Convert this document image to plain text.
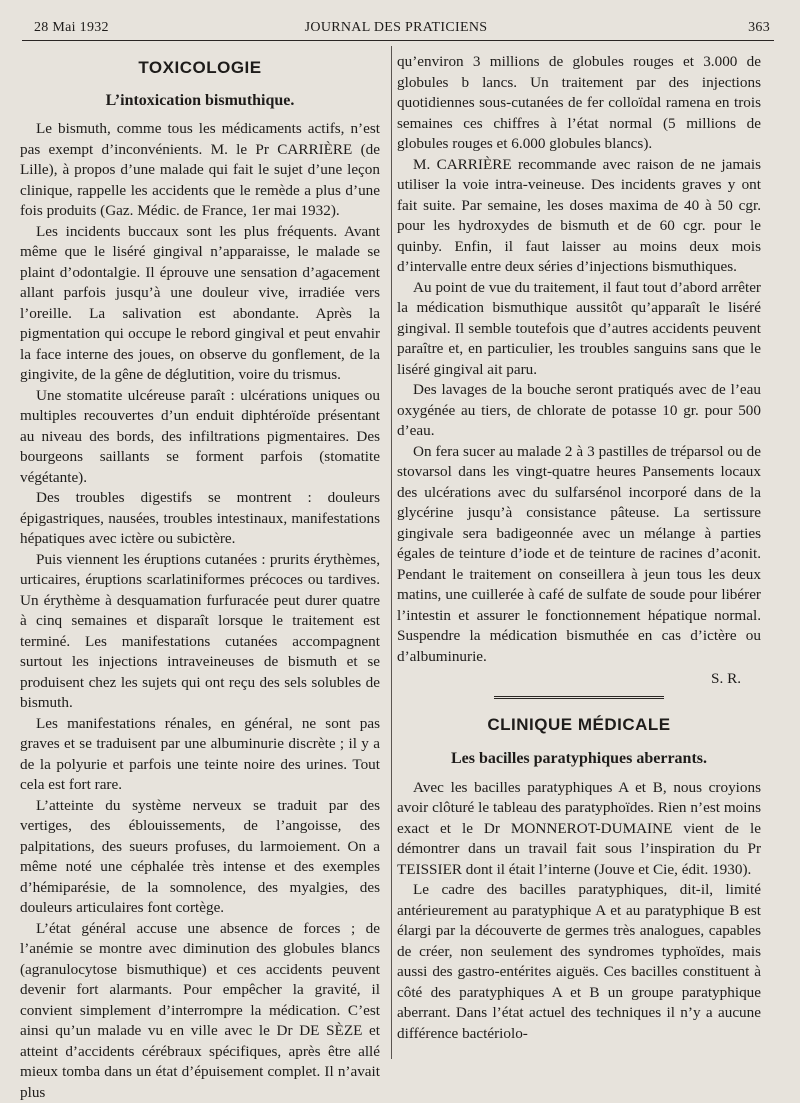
28 Mai 1932	JOURNAL DES PRATICIENS	363
TOXICOLOGIE
L’intoxication bismuthique.

Le bismuth, comme tous les médicaments actifs, n’est pas exempt d’inconvénients. M. le Pr CARRIÈRE (de Lille), à propos d’une malade qui fait le sujet d’une leçon clinique, rappelle les accidents que le remède a plus d’une fois produits (Gaz. Médic. de France, 1er mai 1932).

Les incidents buccaux sont les plus fréquents. Avant même que le liséré gingival n’apparaisse, le malade se plaint d’odontalgie. Il éprouve une sensation d’agacement allant parfois jusqu’à une douleur vive, irradiée vers l’oreille. La salivation est abondante. Après la pigmentation qui occupe le rebord gingival et peut envahir la face interne des joues, on observe du gonflement, de la gingivite, de la gêne de déglutition, voire du trismus.

Une stomatite ulcéreuse paraît : ulcérations uniques ou multiples recouvertes d’un enduit diphtéroïde présentant au niveau des bords, des infiltrations pigmentaires. Des bourgeons saillants se forment parfois (stomatite végétante).

Des troubles digestifs se montrent : douleurs épigastriques, nausées, troubles intestinaux, manifestations hépatiques avec ictère ou subictère.

Puis viennent les éruptions cutanées : prurits érythèmes, urticaires, éruptions scarlatiniformes précoces ou tardives. Un érythème à desquamation furfuracée peut durer quatre à cinq semaines et disparaît lorsque le traitement est terminé. Les manifestations cutanées accompagnent surtout les injections intraveineuses de bismuth et se produisent chez les sujets qui ont reçu des sels solubles de bismuth.

Les manifestations rénales, en général, ne sont pas graves et se traduisent par une albuminurie discrète ; il y a de la polyurie et parfois une teinte noire des urines. Tout cela est fort rare.

L’atteinte du système nerveux se traduit par des vertiges, des éblouissements, de l’angoisse, des palpitations, des sueurs profuses, du larmoiement. On a même noté une céphalée très intense et des exemples d’hémiparésie, de la somnolence, des myalgies, des douleurs articulaires font cortège.

L’état général accuse une absence de forces ; de l’anémie se montre avec diminution des globules blancs (agranulocytose bismuthique) et ces accidents peuvent devenir fort alarmants. Pour empêcher la gravité, il convient simplement d’interrompre la médication. C’est ainsi qu’un malade vu en ville avec le Dr DE SÈZE et atteint d’accidents cérébraux spécifiques, après être allé mieux tomba dans un état d’épuisement complet. Il n’avait plus

qu’environ 3 millions de globules rouges et 3.000 de globules b lancs. Un traitement par des injections quotidiennes sous-cutanées de fer colloïdal ramena en trois semaines ces chiffres à l’état normal (5 millions de globules rouges et 6.000 globules blancs).

M. CARRIÈRE recommande avec raison de ne jamais utiliser la voie intra-veineuse. Des incidents graves y ont fait suite. Par semaine, les doses maxima de 40 à 50 cgr. pour les hydroxydes de bismuth et de 60 cgr. pour le quinby. Enfin, il faut laisser au moins deux mois d’intervalle entre deux séries d’injections bismuthiques.

Au point de vue du traitement, il faut tout d’abord arrêter la médication bismuthique aussitôt qu’apparaît le liséré gingival. Il semble toutefois que d’autres accidents peuvent paraître et, en particulier, les troubles sanguins sans que le liséré gingival ait paru.

Des lavages de la bouche seront pratiqués avec de l’eau oxygénée au tiers, de chlorate de potasse 10 gr. pour 500 d’eau.

On fera sucer au malade 2 à 3 pastilles de tréparsol ou de stovarsol dans les vingt-quatre heures Pansements locaux des ulcérations avec du sulfarsénol incorporé dans de la glycérine jusqu’à consistance pâteuse. La sertissure gingivale sera badigeonnée avec un mélange à parties égales de teinture d’iode et de teinture de racines d’aconit. Pendant le traitement on conseillera à jeun tous les deux matins, une cuillerée à café de sulfate de soude pour libérer l’intestin et assurer le fonctionnement hépatique normal. Suspendre la médication bismuthée en cas d’ictère ou d’albuminurie.

S. R.
CLINIQUE MÉDICALE
Les bacilles paratyphiques aberrants.

Avec les bacilles paratyphiques A et B, nous croyions avoir clôturé le tableau des paratyphoïdes. Rien n’est moins exact et le Dr MONNEROT-DUMAINE vient de le démontrer dans un travail fait sous l’inspiration du Pr TEISSIER dont il était l’interne (Jouve et Cie, édit. 1930).

Le cadre des bacilles paratyphiques, dit-il, limité antérieurement au paratyphique A et au paratyphique B est élargi par la découverte de germes très analogues, capables de créer, non seulement des syndromes typhoïdes, mais aussi des gastro-entérites aiguës. Ces bacilles constituent à côté des paratyphiques A et B un groupe paratyphique aberrant. Dans l’état actuel des techniques il n’y a aucune différence bactériolo-
